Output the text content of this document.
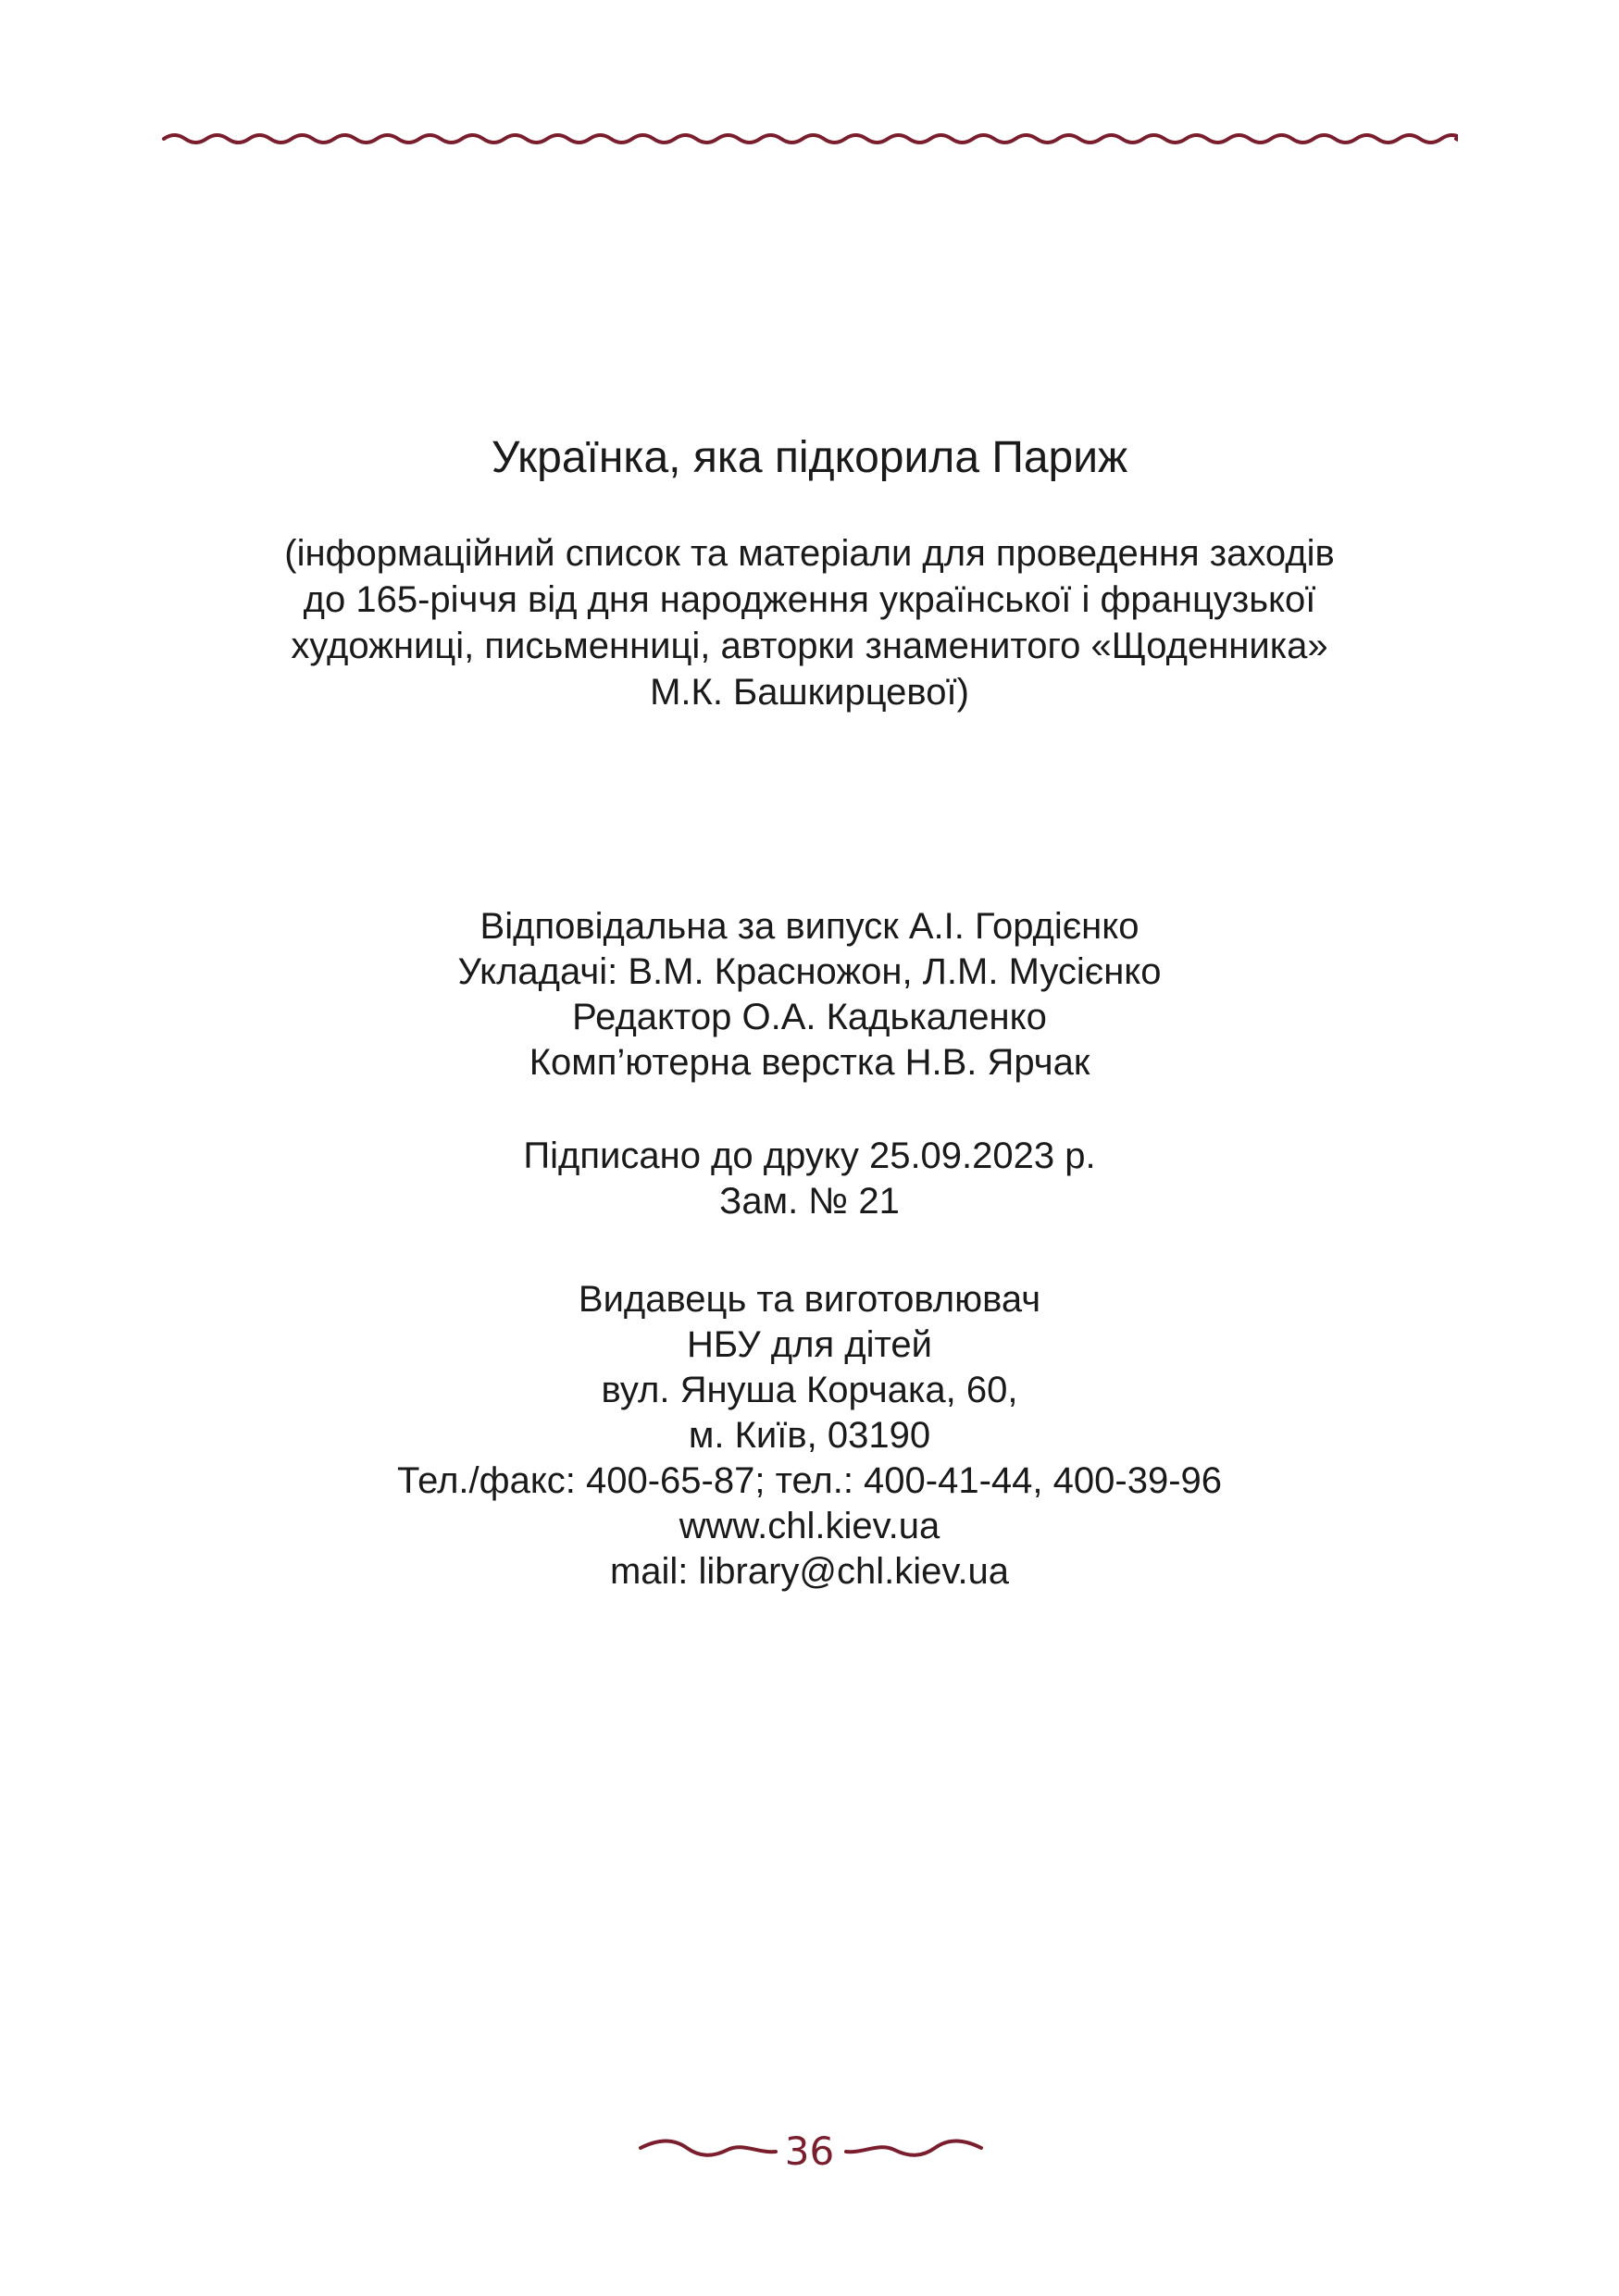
Українка, яка підкорила Париж
(інформаційний список та матеріали для проведення заходів
до 165-річчя від дня народження української і французької
художниці, письменниці, авторки знаменитого «Щоденника»
М.К. Башкирцевої)
Відповідальна за випуск А.І. Гордієнко
Укладачі: В.М. Красножон, Л.М. Мусієнко
Редактор О.А. Кадькаленко
Комп’ютерна верстка Н.В. Ярчак
Підписано до друку 25.09.2023 р.
Зам. № 21
Видавець та виготовлювач
НБУ для дітей
вул. Януша Корчака, 60,
м. Київ, 03190
Тел./факс: 400-65-87; тел.: 400-41-44, 400-39-96
www.chl.kiev.ua
mail: library@chl.kiev.ua
36
